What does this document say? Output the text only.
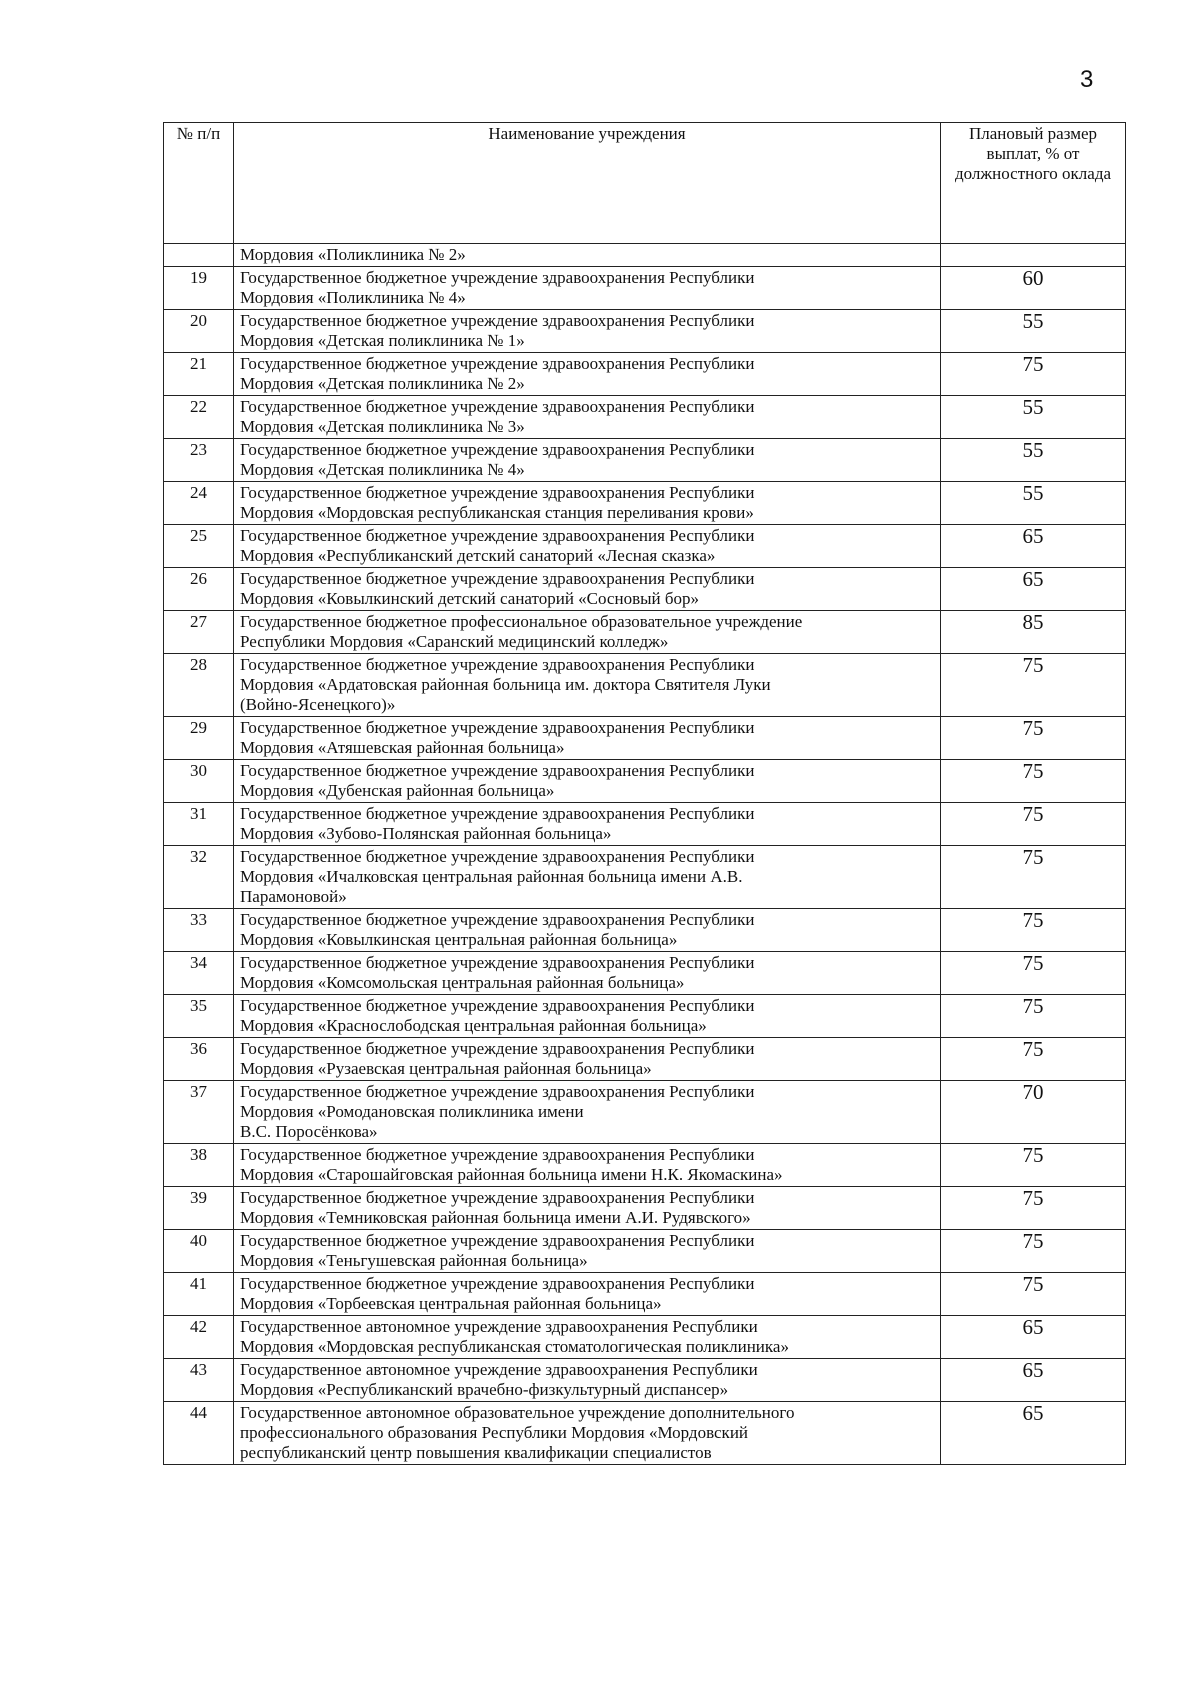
3
№ п/п	Наименование учреждения	Плановый размер выплат, % от должностного оклада

	Мордовия «Поликлиника № 2»	

19	Государственное бюджетное учреждение здравоохранения Республики
Мордовия «Поликлиника № 4»	60
20	Государственное бюджетное учреждение здравоохранения Республики
Мордовия «Детская поликлиника № 1»	55
21	Государственное бюджетное учреждение здравоохранения Республики
Мордовия «Детская поликлиника № 2»	75
22	Государственное бюджетное учреждение здравоохранения Республики
Мордовия «Детская поликлиника № 3»	55
23	Государственное бюджетное учреждение здравоохранения Республики
Мордовия «Детская поликлиника № 4»	55
24	Государственное бюджетное учреждение здравоохранения Республики
Мордовия «Мордовская республиканская станция переливания крови»	55
25	Государственное бюджетное учреждение здравоохранения Республики
Мордовия «Республиканский детский санаторий «Лесная сказка»	65
26	Государственное бюджетное учреждение здравоохранения Республики
Мордовия «Ковылкинский детский санаторий «Сосновый бор»	65
27	Государственное бюджетное профессиональное образовательное учреждение
Республики Мордовия «Саранский медицинский колледж»	85
28	Государственное бюджетное учреждение здравоохранения Республики
Мордовия «Ардатовская районная больница им. доктора Святителя Луки
(Войно-Ясенецкого)»	75
29	Государственное бюджетное учреждение здравоохранения Республики
Мордовия «Атяшевская районная больница»	75
30	Государственное бюджетное учреждение здравоохранения Республики
Мордовия «Дубенская районная больница»	75
31	Государственное бюджетное учреждение здравоохранения Республики
Мордовия «Зубово-Полянская районная больница»	75
32	Государственное бюджетное учреждение здравоохранения Республики
Мордовия «Ичалковская центральная районная больница имени А.В.
Парамоновой»	75
33	Государственное бюджетное учреждение здравоохранения Республики
Мордовия «Ковылкинская центральная районная больница»	75
34	Государственное бюджетное учреждение здравоохранения Республики
Мордовия «Комсомольская центральная районная больница»	75
35	Государственное бюджетное учреждение здравоохранения Республики
Мордовия «Краснослободская центральная районная больница»	75
36	Государственное бюджетное учреждение здравоохранения Республики
Мордовия «Рузаевская центральная районная больница»	75
37	Государственное бюджетное учреждение здравоохранения Республики
Мордовия «Ромодановская поликлиника имени
В.С. Поросёнкова»	70
38	Государственное бюджетное учреждение здравоохранения Республики
Мордовия «Старошайговская районная больница имени Н.К. Якомаскина»	75
39	Государственное бюджетное учреждение здравоохранения Республики
Мордовия «Темниковская районная больница имени А.И. Рудявского»	75
40	Государственное бюджетное учреждение здравоохранения Республики
Мордовия «Теньгушевская районная больница»	75
41	Государственное бюджетное учреждение здравоохранения Республики
Мордовия «Торбеевская центральная районная больница»	75
42	Государственное автономное учреждение здравоохранения Республики
Мордовия «Мордовская республиканская стоматологическая поликлиника»	65
43	Государственное автономное учреждение здравоохранения Республики
Мордовия «Республиканский врачебно-физкультурный диспансер»	65
44	Государственное автономное образовательное учреждение дополнительного
профессионального образования Республики Мордовия «Мордовский
республиканский центр повышения квалификации специалистов	65
